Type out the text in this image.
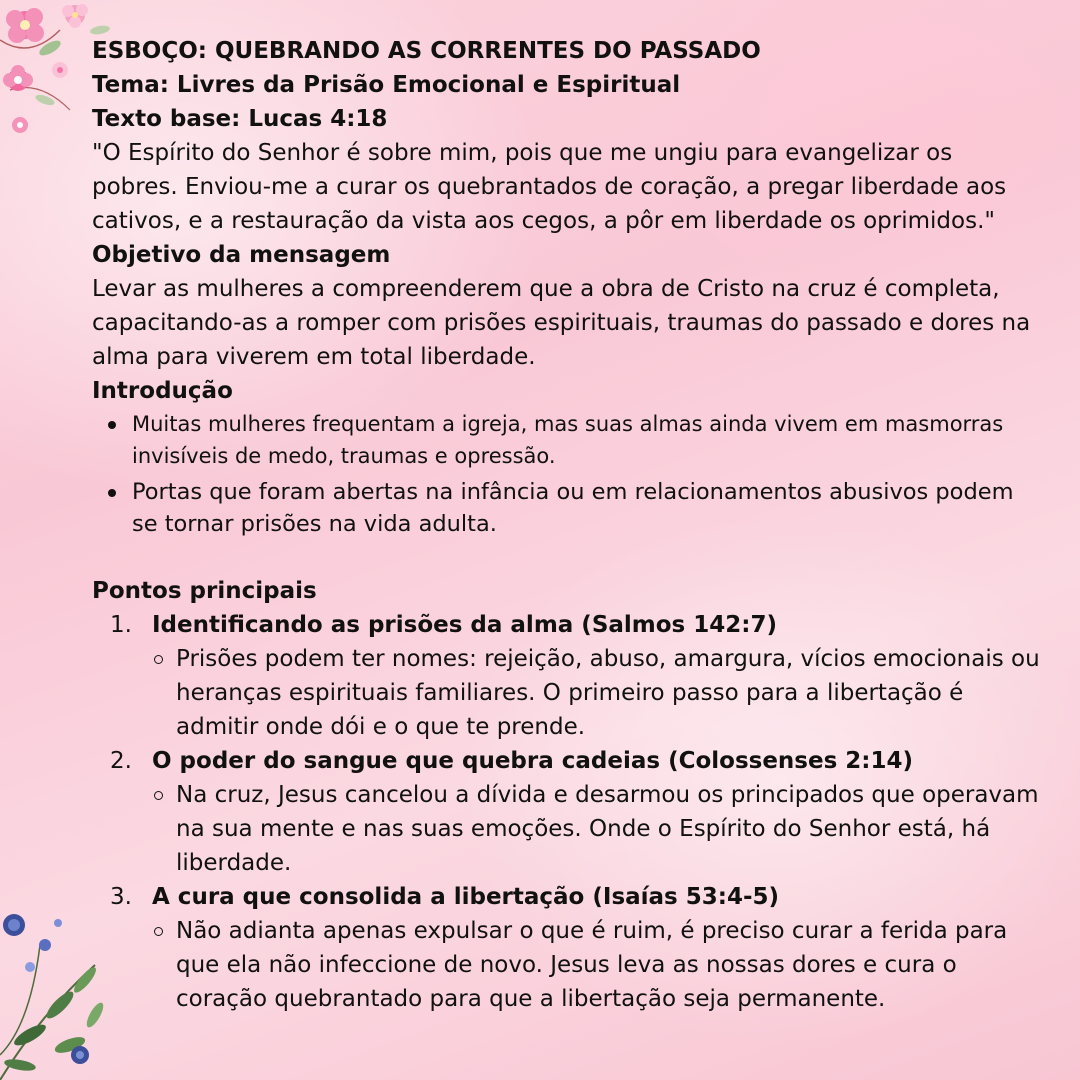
ESBOÇO: QUEBRANDO AS CORRENTES DO PASSADO

Tema: Livres da Prisão Emocional e Espiritual

Texto base: Lucas 4:18

"O Espírito do Senhor é sobre mim, pois que me ungiu para evangelizar os pobres. Enviou-me a curar os quebrantados de coração, a pregar liberdade aos cativos, e a restauração da vista aos cegos, a pôr em liberdade os oprimidos."

Objetivo da mensagem

Levar as mulheres a compreenderem que a obra de Cristo na cruz é completa, capacitando-as a romper com prisões espirituais, traumas do passado e dores na alma para viverem em total liberdade.

Introdução

Muitas mulheres frequentam a igreja, mas suas almas ainda vivem em masmorras invisíveis de medo, traumas e opressão.
Portas que foram abertas na infância ou em relacionamentos abusivos podem se tornar prisões na vida adulta.

Pontos principais

1. Identificando as prisões da alma (Salmos 142:7)
Prisões podem ter nomes: rejeição, abuso, amargura, vícios emocionais ou heranças espirituais familiares. O primeiro passo para a libertação é admitir onde dói e o que te prende.
2. O poder do sangue que quebra cadeias (Colossenses 2:14)
Na cruz, Jesus cancelou a dívida e desarmou os principados que operavam na sua mente e nas suas emoções. Onde o Espírito do Senhor está, há liberdade.
3. A cura que consolida a libertação (Isaías 53:4-5)
Não adianta apenas expulsar o que é ruim, é preciso curar a ferida para que ela não infeccione de novo. Jesus leva as nossas dores e cura o coração quebrantado para que a libertação seja permanente.
